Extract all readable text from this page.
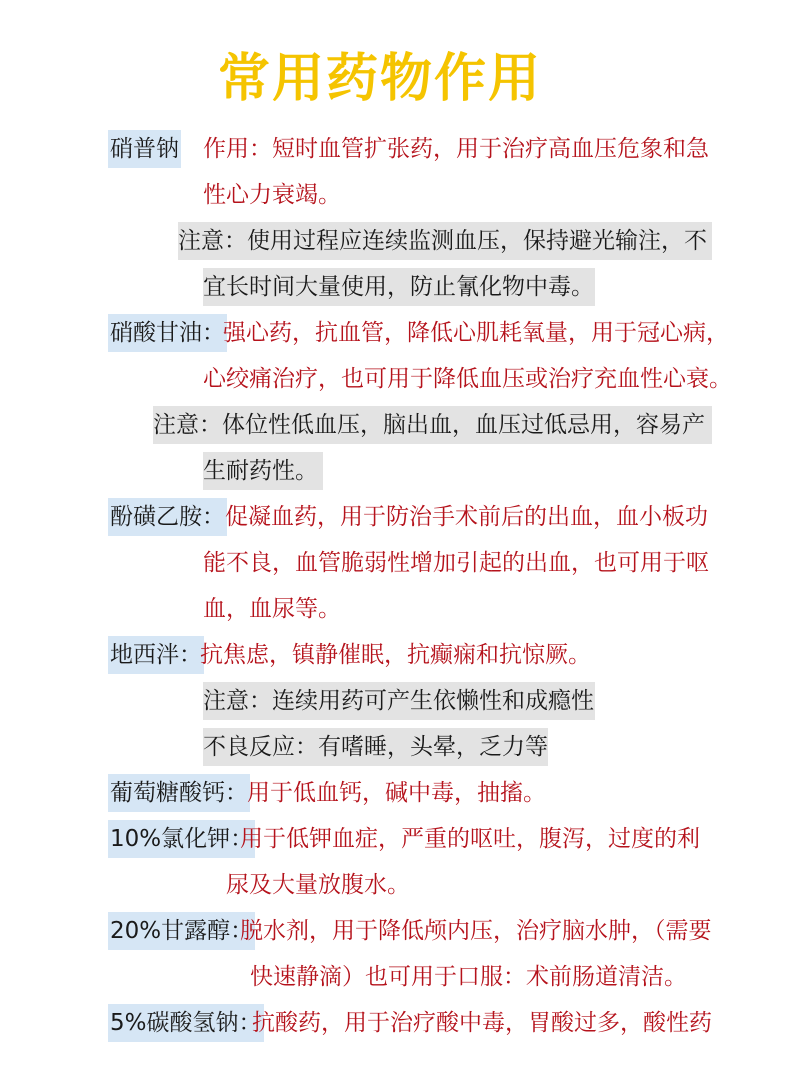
常用药物作用
硝普钠 作用：短时血管扩张药，用于治疗高血压危象和急
性心力衰竭。
注意：使用过程应连续监测血压，保持避光输注，不
宜长时间大量使用，防止氰化物中毒。
硝酸甘油：
强心药，抗血管，降低心肌耗氧量，用于冠心病，
心绞痛治疗，也可用于降低血压或治疗充血性心衰。
注意：体位性低血压，脑出血，血压过低忌用，容易产
生耐药性。
酚磺乙胺： 促凝血药，用于防治手术前后的出血，血小板功
能不良，血管脆弱性增加引起的出血，也可用于呕
血，血尿等。
地西泮：
抗焦虑，镇静催眠，抗癫痫和抗惊厥。
注意：连续用药可产生依懒性和成瘾性
不良反应：有嗜睡，头晕，乏力等
葡萄糖酸钙： 用于低血钙，碱中毒，抽搐。
10%氯化钾：
用于低钾血症，严重的呕吐，腹泻，过度的利
尿及大量放腹水。
20%甘露醇：
脱水剂，用于降低颅内压，治疗脑水肿，（需要
快速静滴）也可用于口服：术前肠道清洁。
5%碳酸氢钠：
抗酸药，用于治疗酸中毒，胃酸过多，酸性药
